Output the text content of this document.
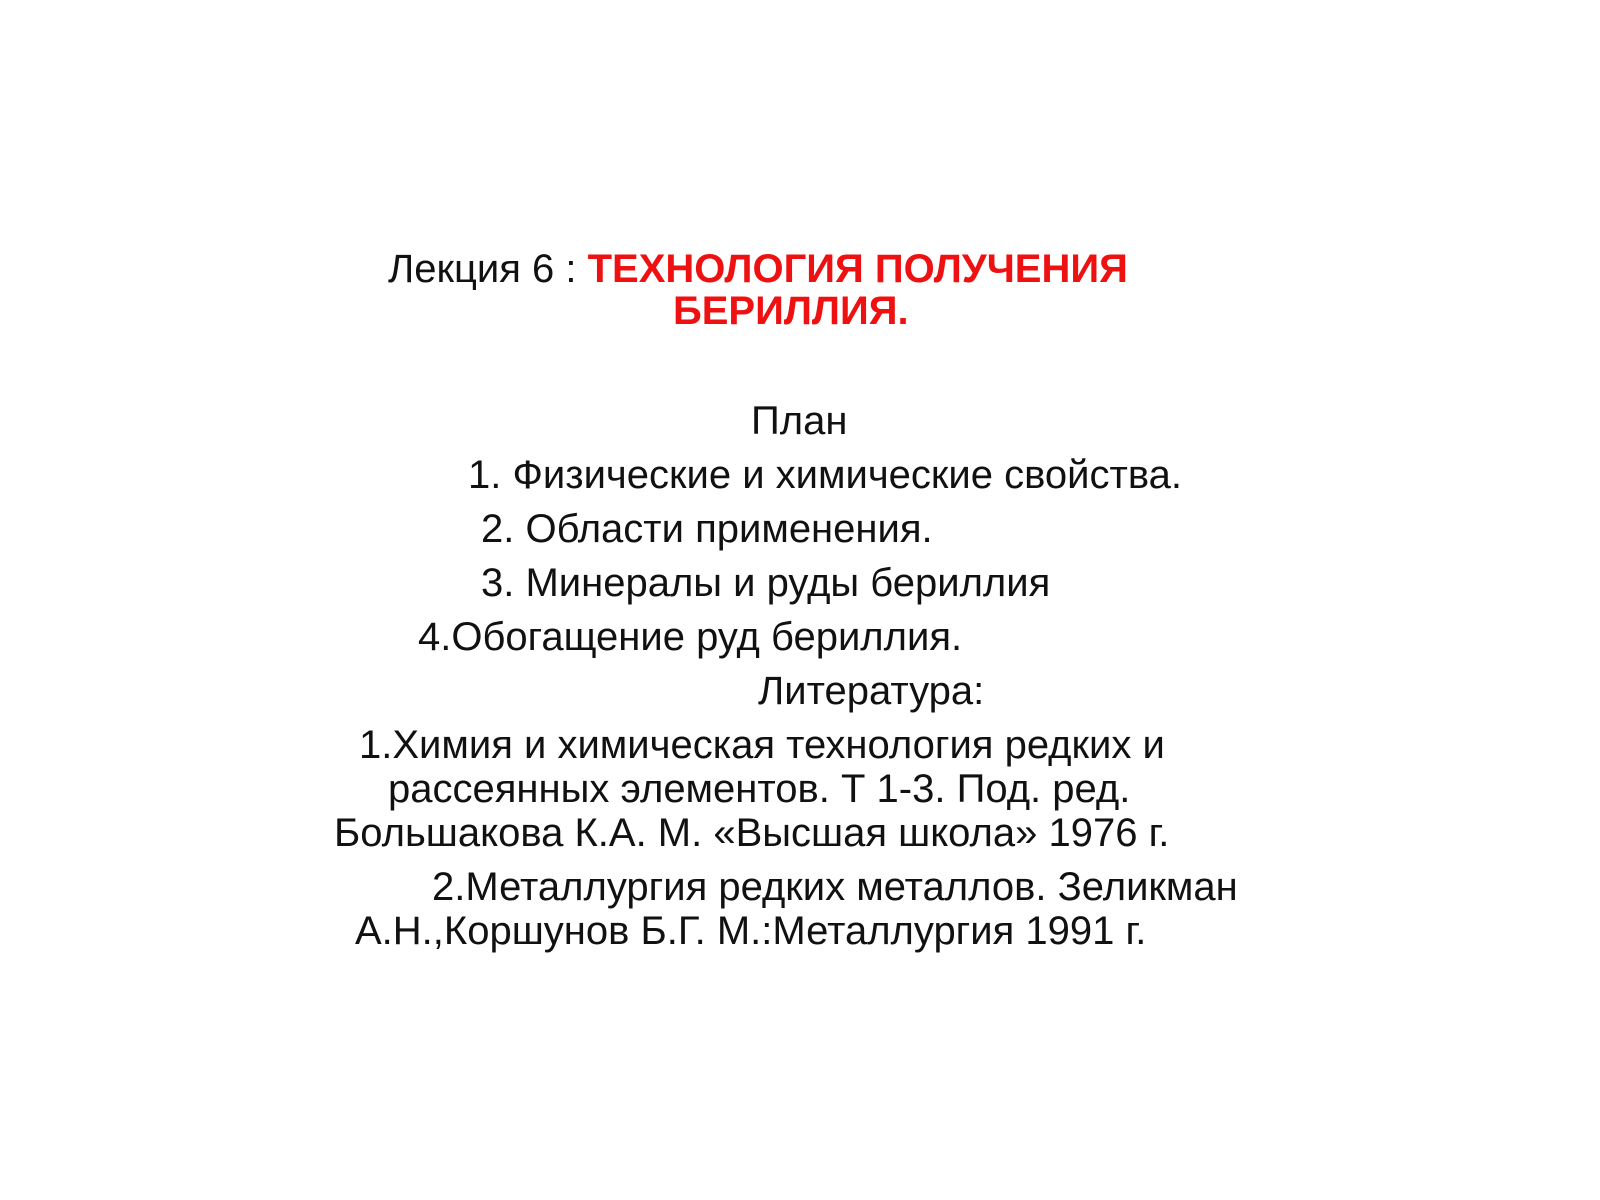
Лекция 6 : ТЕХНОЛОГИЯ ПОЛУЧЕНИЯ
БЕРИЛЛИЯ.
План
1. Физические и химические свойства.
2. Области применения.
3. Минералы и руды бериллия
4.Обогащение руд бериллия.
Литература:
1.Химия и химическая технология редких и
рассеянных элементов. Т 1-3. Под. ред.
Большакова К.А. М. «Высшая школа» 1976 г.
2.Металлургия редких металлов. Зеликман
А.Н.,Коршунов Б.Г. М.:Металлургия 1991 г.
